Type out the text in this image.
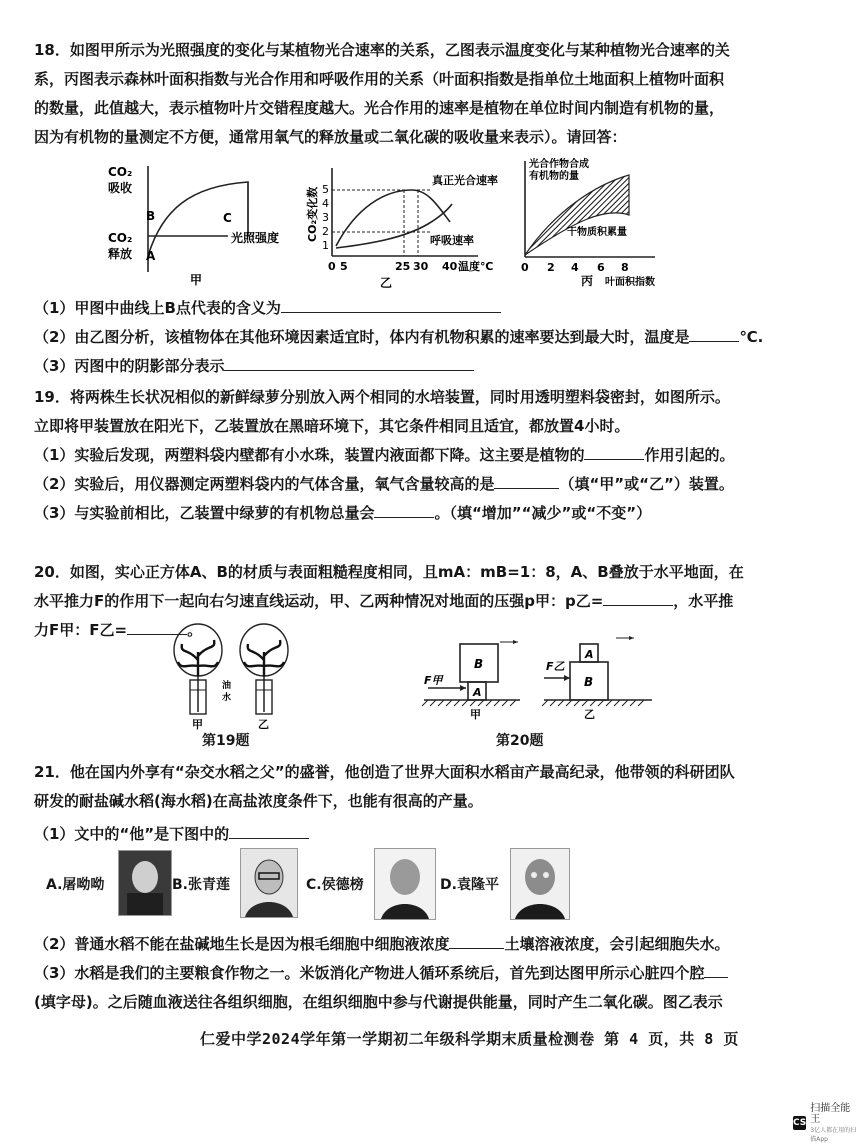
18．如图甲所示为光照强度的变化与某植物光合速率的关系，乙图表示温度变化与某种植物光合速率的关
系，丙图表示森林叶面积指数与光合作用和呼吸作用的关系（叶面积指数是指单位土地面积上植物叶面积
的数量，此值越大，表示植物叶片交错程度越大。光合作用的速率是植物在单位时间内制造有机物的量，
因为有机物的量测定不方便，通常用氧气的释放量或二氧化碳的吸收量来表示）。请回答：
CO₂
吸收
CO₂
释放 A
B	C
光照强度
甲
CO₂变化数 5
4
3
2
1
真正光合速率
呼吸速率
0 5	25 30 40 温度℃
乙
光合作物合成
有机物的量
干物质积累量
0 2 4 6 8
丙 叶面积指数
（1）甲图中曲线上B点代表的含义为
（2）由乙图分析，该植物体在其他环境因素适宜时，体内有机物积累的速率要达到最大时，温度是	℃.
（3）丙图中的阴影部分表示
19．将两株生长状况相似的新鲜绿萝分别放入两个相同的水培装置，同时用透明塑料袋密封，如图所示。
立即将甲装置放在阳光下，乙装置放在黑暗环境下，其它条件相同且适宜，都放置4小时。
（1）实验后发现，两塑料袋内壁都有小水珠，装置内液面都下降。这主要是植物的	作用引起的。
（2）实验后，用仪器测定两塑料袋内的气体含量，氧气含量较高的是	（填“甲”或“乙”）装置。
（3）与实验前相比，乙装置中绿萝的有机物总量会	。（填“增加”“减少”或“不变”）
20．如图，实心正方体A、B的材质与表面粗糙程度相同，且mA：mB=1：8，A、B叠放于水平地面，在
水平推力F的作用下一起向右匀速直线运动，甲、乙两种情况对地面的压强p甲：p乙=	，水平推
力F甲：F乙=	。
油
水
甲	乙
第19题
F甲
F乙
B
A
A
B
甲	乙
第20题
21．他在国内外享有“杂交水稻之父”的盛誉，他创造了世界大面积水稻亩产最高纪录，他带领的科研团队
研发的耐盐碱水稻(海水稻)在高盐浓度条件下，也能有很高的产量。
（1）文中的“他”是下图中的
A.屠呦呦	B.张青莲	C.侯德榜	D.袁隆平
（2）普通水稻不能在盐碱地生长是因为根毛细胞中细胞液浓度	土壤溶液浓度，会引起细胞失水。
（3）水稻是我们的主要粮食作物之一。米饭消化产物进人循环系统后，首先到达图甲所示心脏四个腔
(填字母)。之后随血液送往各组织细胞，在组织细胞中参与代谢提供能量，同时产生二氧化碳。图乙表示
仁爱中学2024学年第一学期初二年级科学期末质量检测卷 第 4 页，共 8 页
CS
扫描全能王
3亿人都在用的扫描App
